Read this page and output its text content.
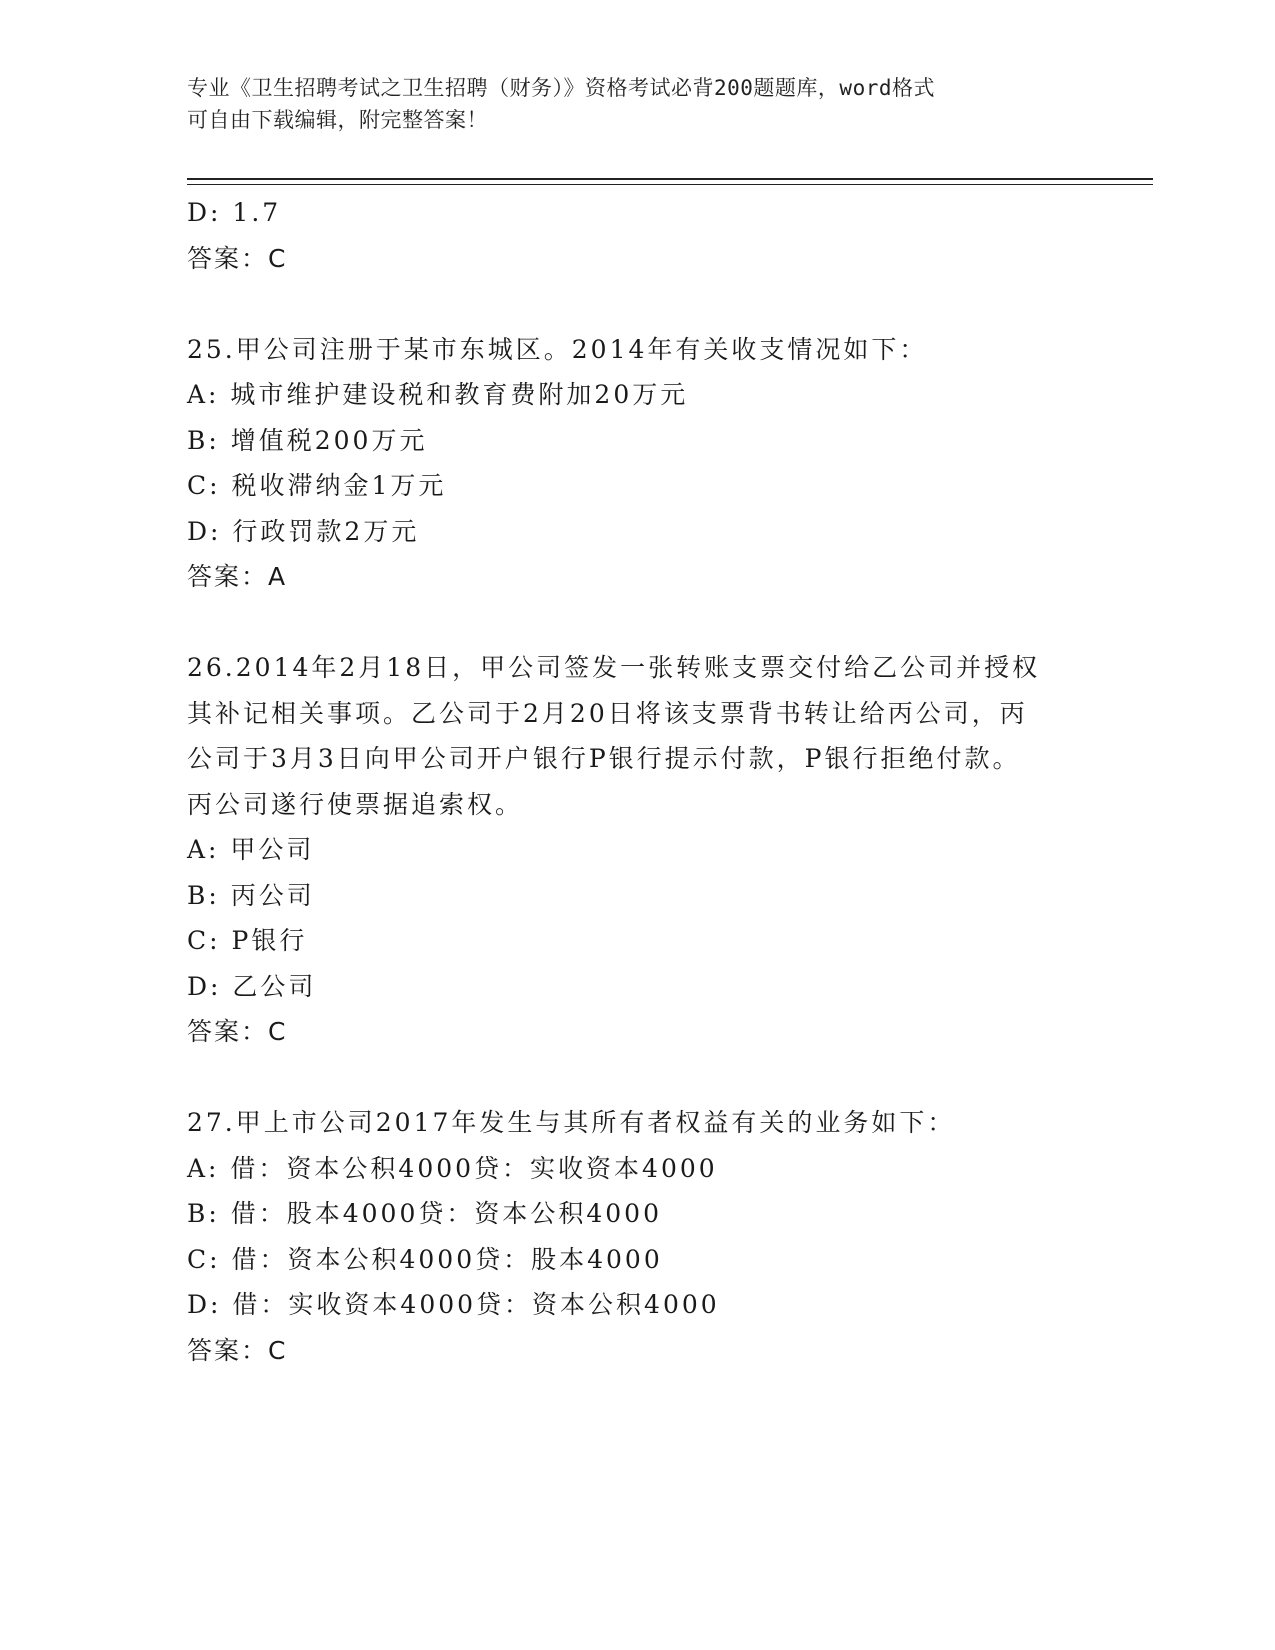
专业《卫生招聘考试之卫生招聘（财务）》资格考试必背200题题库，word格式
可自由下载编辑，附完整答案！
D: 1.7
答案：C
25.甲公司注册于某市东城区。2014年有关收支情况如下：
A: 城市维护建设税和教育费附加20万元
B: 增值税200万元
C: 税收滞纳金1万元
D: 行政罚款2万元
答案：A
26.2014年2月18日，甲公司签发一张转账支票交付给乙公司并授权
其补记相关事项。乙公司于2月20日将该支票背书转让给丙公司，丙
公司于3月3日向甲公司开户银行P银行提示付款，P银行拒绝付款。
丙公司遂行使票据追索权。
A: 甲公司
B: 丙公司
C: P银行
D: 乙公司
答案：C
27.甲上市公司2017年发生与其所有者权益有关的业务如下：
A: 借：资本公积4000贷：实收资本4000
B: 借：股本4000贷：资本公积4000
C: 借：资本公积4000贷：股本4000
D: 借：实收资本4000贷：资本公积4000
答案：C
